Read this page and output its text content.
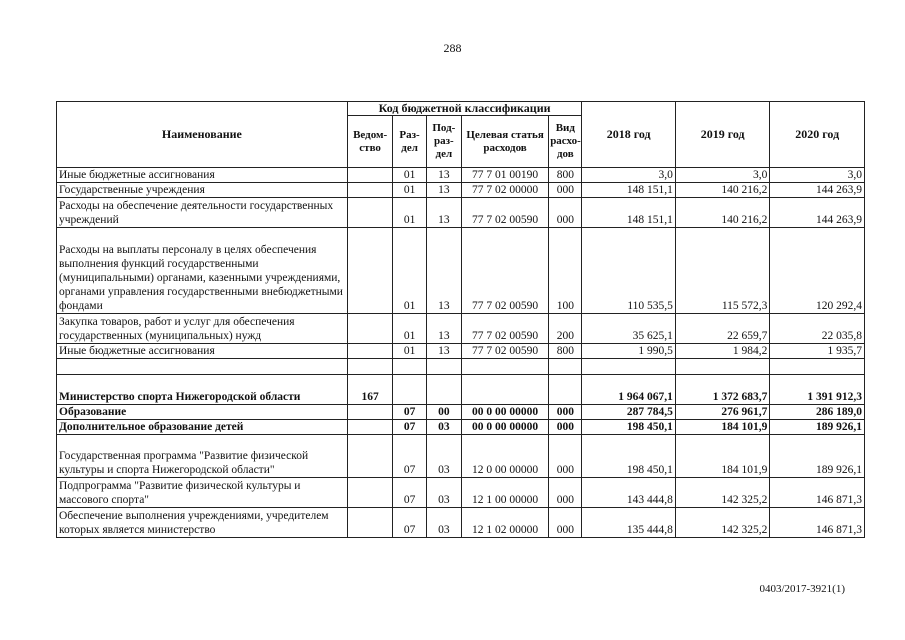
288
Наименование	Код бюджетной классификации					2018 год	2019 год	2020 год
	Ведом-ство	Раз-дел	Под-раз-дел	Целевая статья расходов	Вид расхо-дов			
Иные бюджетные ассигнования		01	13	77 7 01 00190	800	3,0	3,0	3,0
Государственные учреждения		01	13	77 7 02 00000	000	148 151,1	140 216,2	144 263,9
Расходы на обеспечение деятельности государственных учреждений		01	13	77 7 02 00590	000	148 151,1	140 216,2	144 263,9
Расходы на выплаты персоналу в целях обеспечения выполнения функций государственными (муниципальными) органами, казенными учреждениями, органами управления государственными внебюджетными фондами		01	13	77 7 02 00590	100	110 535,5	115 572,3	120 292,4
Закупка товаров, работ и услуг для обеспечения государственных (муниципальных) нужд		01	13	77 7 02 00590	200	35 625,1	22 659,7	22 035,8
Иные бюджетные ассигнования		01	13	77 7 02 00590	800	1 990,5	1 984,2	1 935,7

Министерство спорта Нижегородской области	167					1 964 067,1	1 372 683,7	1 391 912,3
Образование		07	00	00 0 00 00000	000	287 784,5	276 961,7	286 189,0
Дополнительное образование детей		07	03	00 0 00 00000	000	198 450,1	184 101,9	189 926,1
Государственная программа "Развитие физической культуры и спорта Нижегородской области"		07	03	12 0 00 00000	000	198 450,1	184 101,9	189 926,1
Подпрограмма "Развитие физической культуры и массового спорта"		07	03	12 1 00 00000	000	143 444,8	142 325,2	146 871,3
Обеспечение выполнения учреждениями, учредителем которых является министерство		07	03	12 1 02 00000	000	135 444,8	142 325,2	146 871,3
0403/2017-3921(1)
